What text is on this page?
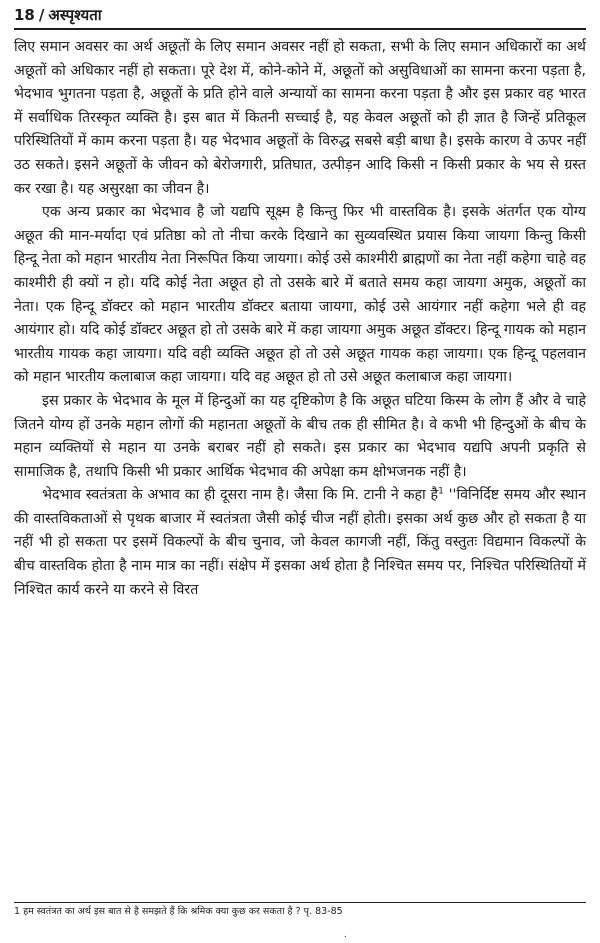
18 / अस्पृश्यता

लिए समान अवसर का अर्थ अछूतों के लिए समान अवसर नहीं हो सकता, सभी के लिए समान अधिकारों का अर्थ अछूतों को अधिकार नहीं हो सकता। पूरे देश में, कोने-कोने में, अछूतों को असुविधाओं का सामना करना पड़ता है, भेदभाव भुगतना पड़ता है, अछूतों के प्रति होने वाले अन्यायों का सामना करना पड़ता है और इस प्रकार वह भारत में सर्वाधिक तिरस्कृत व्यक्ति है। इस बात में कितनी सच्चाई है, यह केवल अछूतों को ही ज्ञात है जिन्हें प्रतिकूल परिस्थितियों में काम करना पड़ता है। यह भेदभाव अछूतों के विरुद्ध सबसे बड़ी बाधा है। इसके कारण वे ऊपर नहीं उठ सकते। इसने अछूतों के जीवन को बेरोजगारी, प्रतिघात, उत्पीड़न आदि किसी न किसी प्रकार के भय से ग्रस्त कर रखा है। यह असुरक्षा का जीवन है।

एक अन्य प्रकार का भेदभाव है जो यद्यपि सूक्ष्म है किन्तु फिर भी वास्तविक है। इसके अंतर्गत एक योग्य अछूत की मान-मर्यादा एवं प्रतिष्ठा को तो नीचा करके दिखाने का सुव्यवस्थित प्रयास किया जायगा किन्तु किसी हिन्दू नेता को महान भारतीय नेता निरूपित किया जायगा। कोई उसे काश्मीरी ब्राह्मणों का नेता नहीं कहेगा चाहे वह काश्मीरी ही क्यों न हो। यदि कोई नेता अछूत हो तो उसके बारे में बताते समय कहा जायगा अमुक, अछूतों का नेता। एक हिन्दू डॉक्टर को महान भारतीय डॉक्टर बताया जायगा, कोई उसे आयंगार नहीं कहेगा भले ही वह आयंगार हो। यदि कोई डॉक्टर अछूत हो तो उसके बारे में कहा जायगा अमुक अछूत डॉक्टर। हिन्दू गायक को महान भारतीय गायक कहा जायगा। यदि वही व्यक्ति अछूत हो तो उसे अछूत गायक कहा जायगा। एक हिन्दू पहलवान को महान भारतीय कलाबाज कहा जायगा। यदि वह अछूत हो तो उसे अछूत कलाबाज कहा जायगा।

इस प्रकार के भेदभाव के मूल में हिन्दुओं का यह दृष्टिकोण है कि अछूत घटिया किस्म के लोग हैं और वे चाहे जितने योग्य हों उनके महान लोगों की महानता अछूतों के बीच तक ही सीमित है। वे कभी भी हिन्दुओं के बीच के महान व्यक्तियों से महान या उनके बराबर नहीं हो सकते। इस प्रकार का भेदभाव यद्यपि अपनी प्रकृति से सामाजिक है, तथापि किसी भी प्रकार आर्थिक भेदभाव की अपेक्षा कम क्षोभजनक नहीं है।

भेदभाव स्वतंत्रता के अभाव का ही दूसरा नाम है। जैसा कि मि. टानी ने कहा है$^1$ ''विनिर्दिष्ट समय और स्थान की वास्तविकताओं से पृथक बाजार में स्वतंत्रता जैसी कोई चीज नहीं होती। इसका अर्थ कुछ और हो सकता है या नहीं भी हो सकता पर इसमें विकल्पों के बीच चुनाव, जो केवल कागजी नहीं, किंतु वस्तुतः विद्यमान विकल्पों के बीच वास्तविक होता है नाम मात्र का नहीं। संक्षेप में इसका अर्थ होता है निश्चित समय पर, निश्चित परिस्थितियों में निश्चित कार्य करने या करने से विरत

1 हम स्वतंत्रत का अर्थ इस बात से है समझते हैं कि श्रमिक क्या कुछ कर सकता है ? पृ. 83-85
.
